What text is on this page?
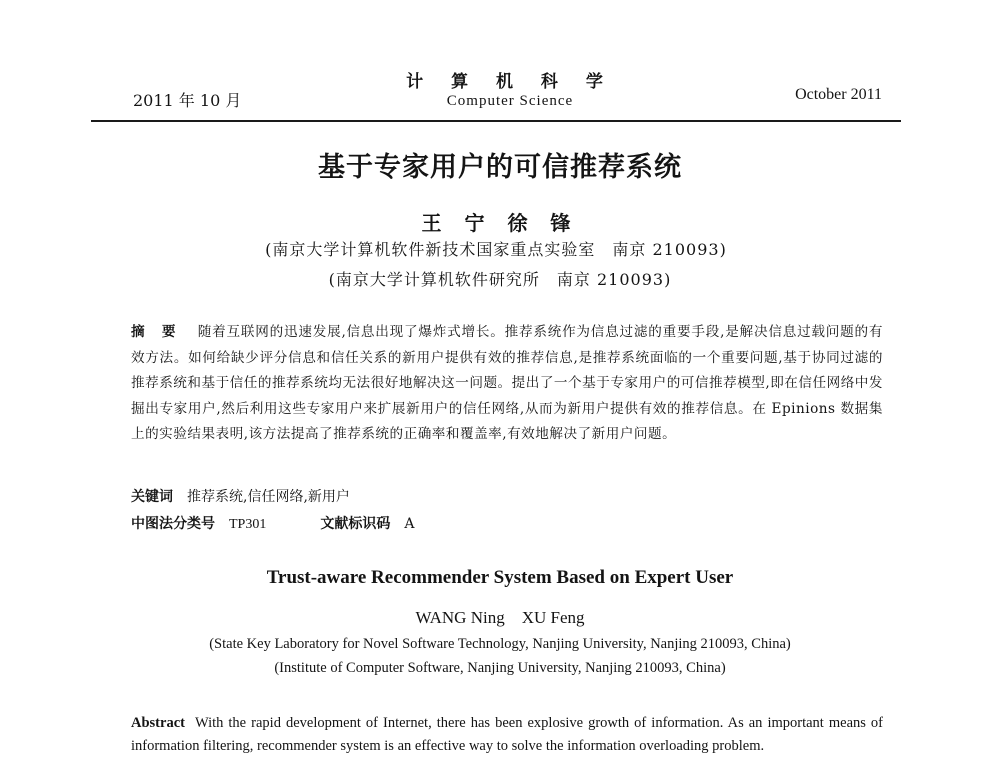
2011 年 10 月
计 算 机 科 学
Computer Science	October 2011
基于专家用户的可信推荐系统
王 宁 徐 锋
(南京大学计算机软件新技术国家重点实验室　南京 210093)
(南京大学计算机软件研究所　南京 210093)
摘 要 随着互联网的迅速发展,信息出现了爆炸式增长。推荐系统作为信息过滤的重要手段,是解决信息过载问题的有效方法。如何给缺少评分信息和信任关系的新用户提供有效的推荐信息,是推荐系统面临的一个重要问题,基于协同过滤的推荐系统和基于信任的推荐系统均无法很好地解决这一问题。提出了一个基于专家用户的可信推荐模型,即在信任网络中发掘出专家用户,然后利用这些专家用户来扩展新用户的信任网络,从而为新用户提供有效的推荐信息。在 Epinions 数据集上的实验结果表明,该方法提高了推荐系统的正确率和覆盖率,有效地解决了新用户问题。
关键词 推荐系统,信任网络,新用户
中图法分类号 TP301	文献标识码 A
Trust-aware Recommender System Based on Expert User
WANG Ning　XU Feng
(State Key Laboratory for Novel Software Technology, Nanjing University, Nanjing 210093, China)
(Institute of Computer Software, Nanjing University, Nanjing 210093, China)
Abstract With the rapid development of Internet, there has been explosive growth of information. As an important means of information filtering, recommender system is an effective way to solve the information overloading problem.
